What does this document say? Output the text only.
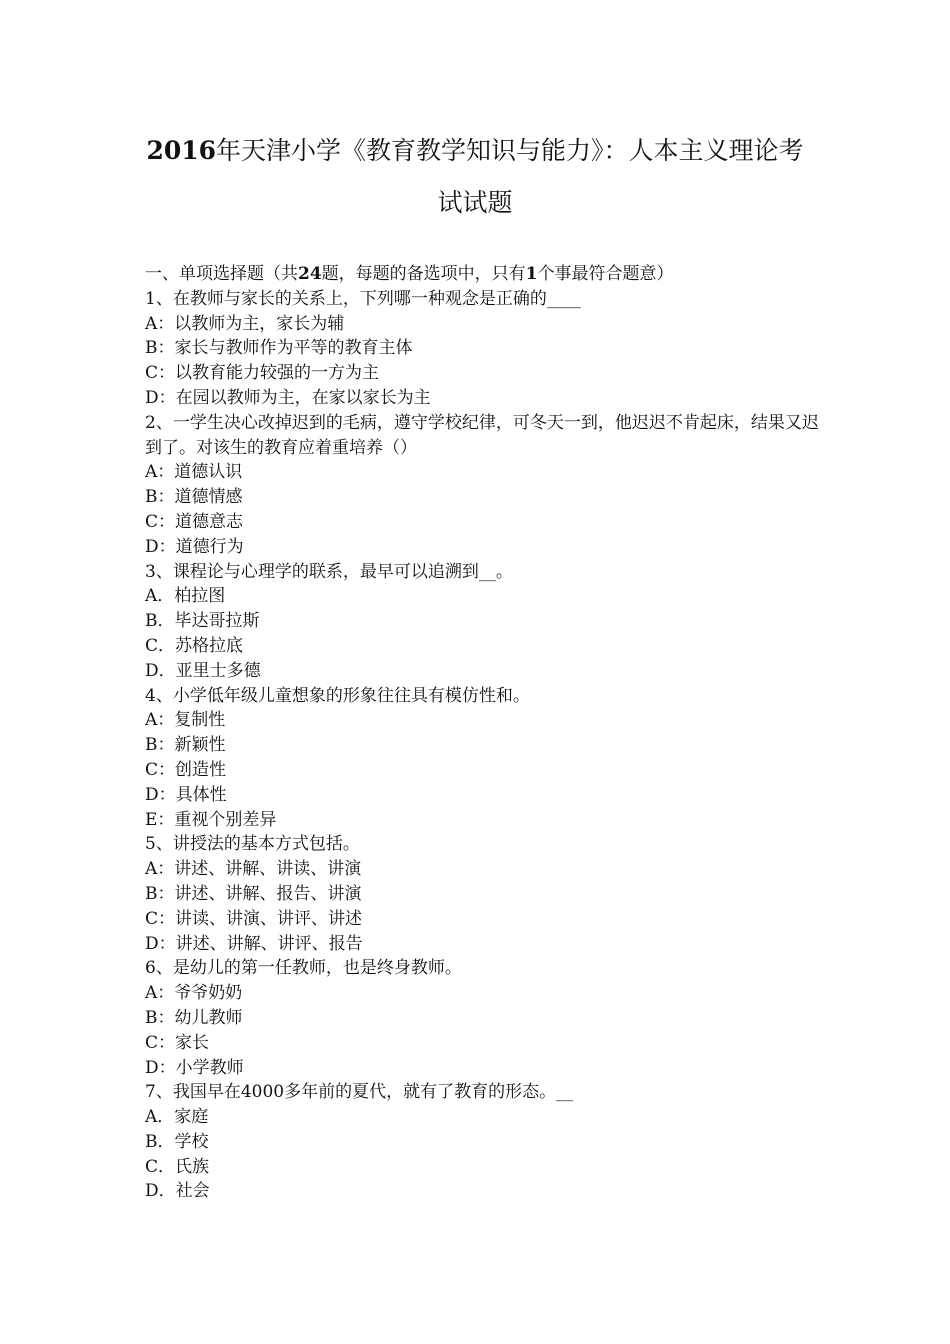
2016年天津小学《教育教学知识与能力》：人本主义理论考
试试题

一、单项选择题（共24题，每题的备选项中，只有1个事最符合题意）

1、在教师与家长的关系上，下列哪一种观念是正确的____

A：以教师为主，家长为辅

B：家长与教师作为平等的教育主体

C：以教育能力较强的一方为主

D：在园以教师为主，在家以家长为主

2、一学生决心改掉迟到的毛病，遵守学校纪律，可冬天一到，他迟迟不肯起床，结果又迟到了。对该生的教育应着重培养（）

A：道德认识

B：道德情感

C：道德意志

D：道德行为

3、课程论与心理学的联系，最早可以追溯到__。

A．柏拉图

B．毕达哥拉斯

C．苏格拉底

D．亚里士多德

4、小学低年级儿童想象的形象往往具有模仿性和。

A：复制性

B：新颖性

C：创造性

D：具体性

E：重视个别差异

5、讲授法的基本方式包括。

A：讲述、讲解、讲读、讲演

B：讲述、讲解、报告、讲演

C：讲读、讲演、讲评、讲述

D：讲述、讲解、讲评、报告

6、是幼儿的第一任教师，也是终身教师。

A：爷爷奶奶

B：幼儿教师

C：家长

D：小学教师

7、我国早在4000多年前的夏代，就有了教育的形态。__

A．家庭

B．学校

C．氏族

D．社会
